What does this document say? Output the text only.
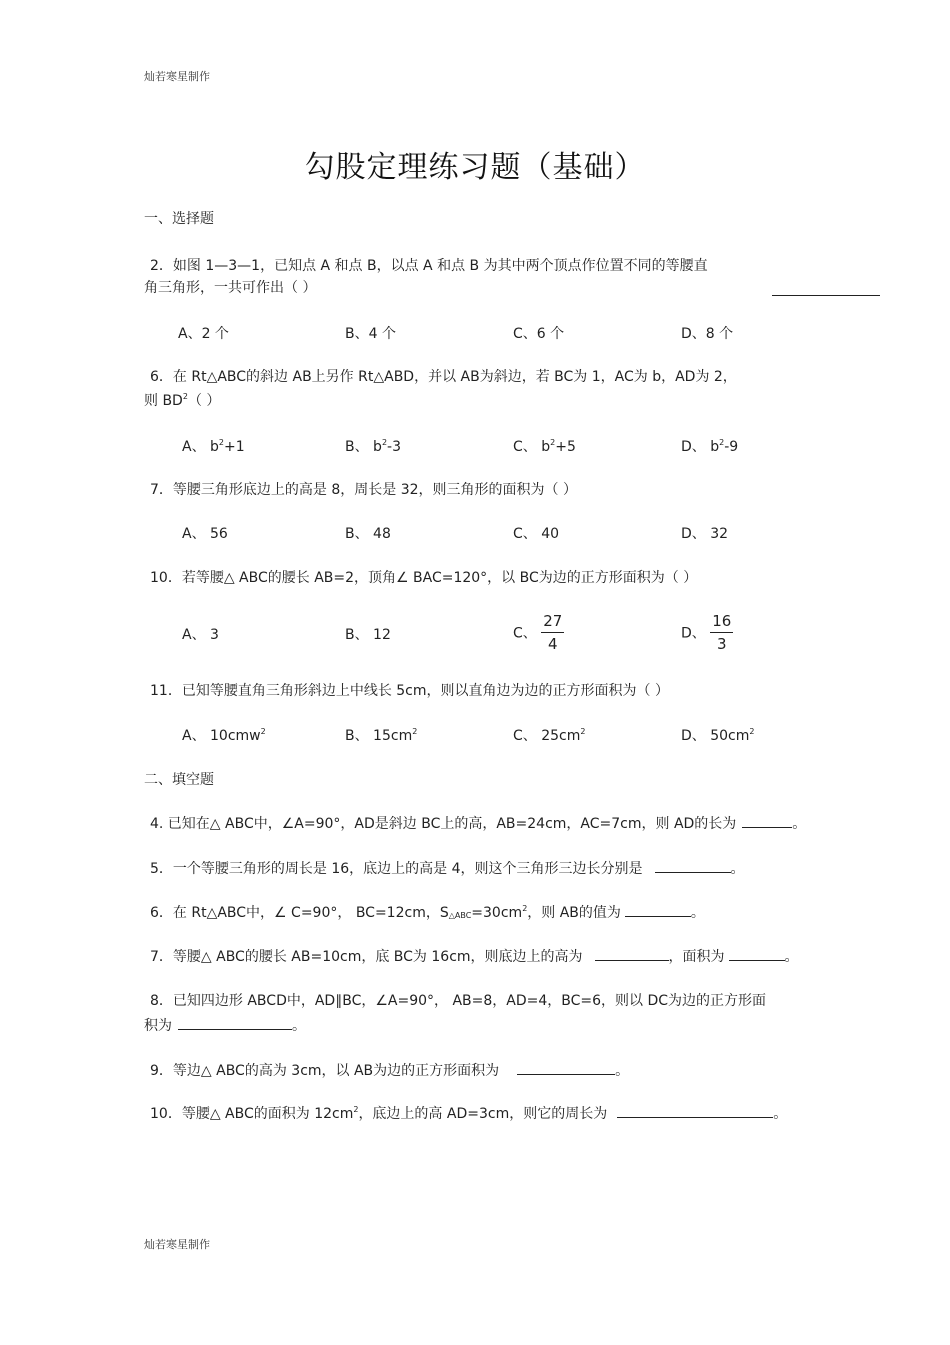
灿若寒星制作
灿若寒星制作
勾股定理练习题（基础）
一、选择题
2．如图 1—3—1，已知点 A 和点 B，以点 A 和点 B 为其中两个顶点作位置不同的等腰直
角三角形，一共可作出（ ）
A、2 个	B、4 个	C、6 个	D、8 个
6．在 Rt△ABC的斜边 AB上另作 Rt△ABD，并以 AB为斜边，若 BC为 1，AC为 b，AD为 2，
则 $BD^2$（ ）
A、 $b^2+1$	B、 $b^2-3$	C、 $b^2+5$	D、 $b^2-9$
7．等腰三角形底边上的高是 8，周长是 32，则三角形的面积为（ ）
A、 56	B、 48	C、 40	D、 32
10．若等腰△ ABC的腰长 AB=2，顶角∠ BAC=120°，以 BC为边的正方形面积为（ ）
A、 3	B、 12	C、 $\frac{27}{4}$	D、 $\frac{16}{3}$
11．已知等腰直角三角形斜边上中线长 5cm，则以直角边为边的正方形面积为（ ）
A、 10cmw$^2$	B、 $15cm^2$	C、 $25cm^2$	D、 $50cm^2$
二、填空题
4. 已知在△ ABC中，∠A=90°，AD是斜边 BC上的高，AB=24cm，AC=7cm，则 AD的长为	。
5．一个等腰三角形的周长是 16，底边上的高是 4，则这个三角形三边长分别是	。
6．在 Rt△ABC中，∠ C=90°， BC=12cm，$S_{\triangle ABC}=30cm^2$，则 AB的值为	。
7．等腰△ ABC的腰长 AB=10cm，底 BC为 16cm，则底边上的高为	，面积为	。
8．已知四边形 ABCD中，AD∥BC，∠A=90°， AB=8，AD=4，BC=6，则以 DC为边的正方形面
积为	。
9．等边△ ABC的高为 3cm，以 AB为边的正方形面积为	。
10．等腰△ ABC的面积为 $12cm^2$，底边上的高 AD=3cm，则它的周长为	。
